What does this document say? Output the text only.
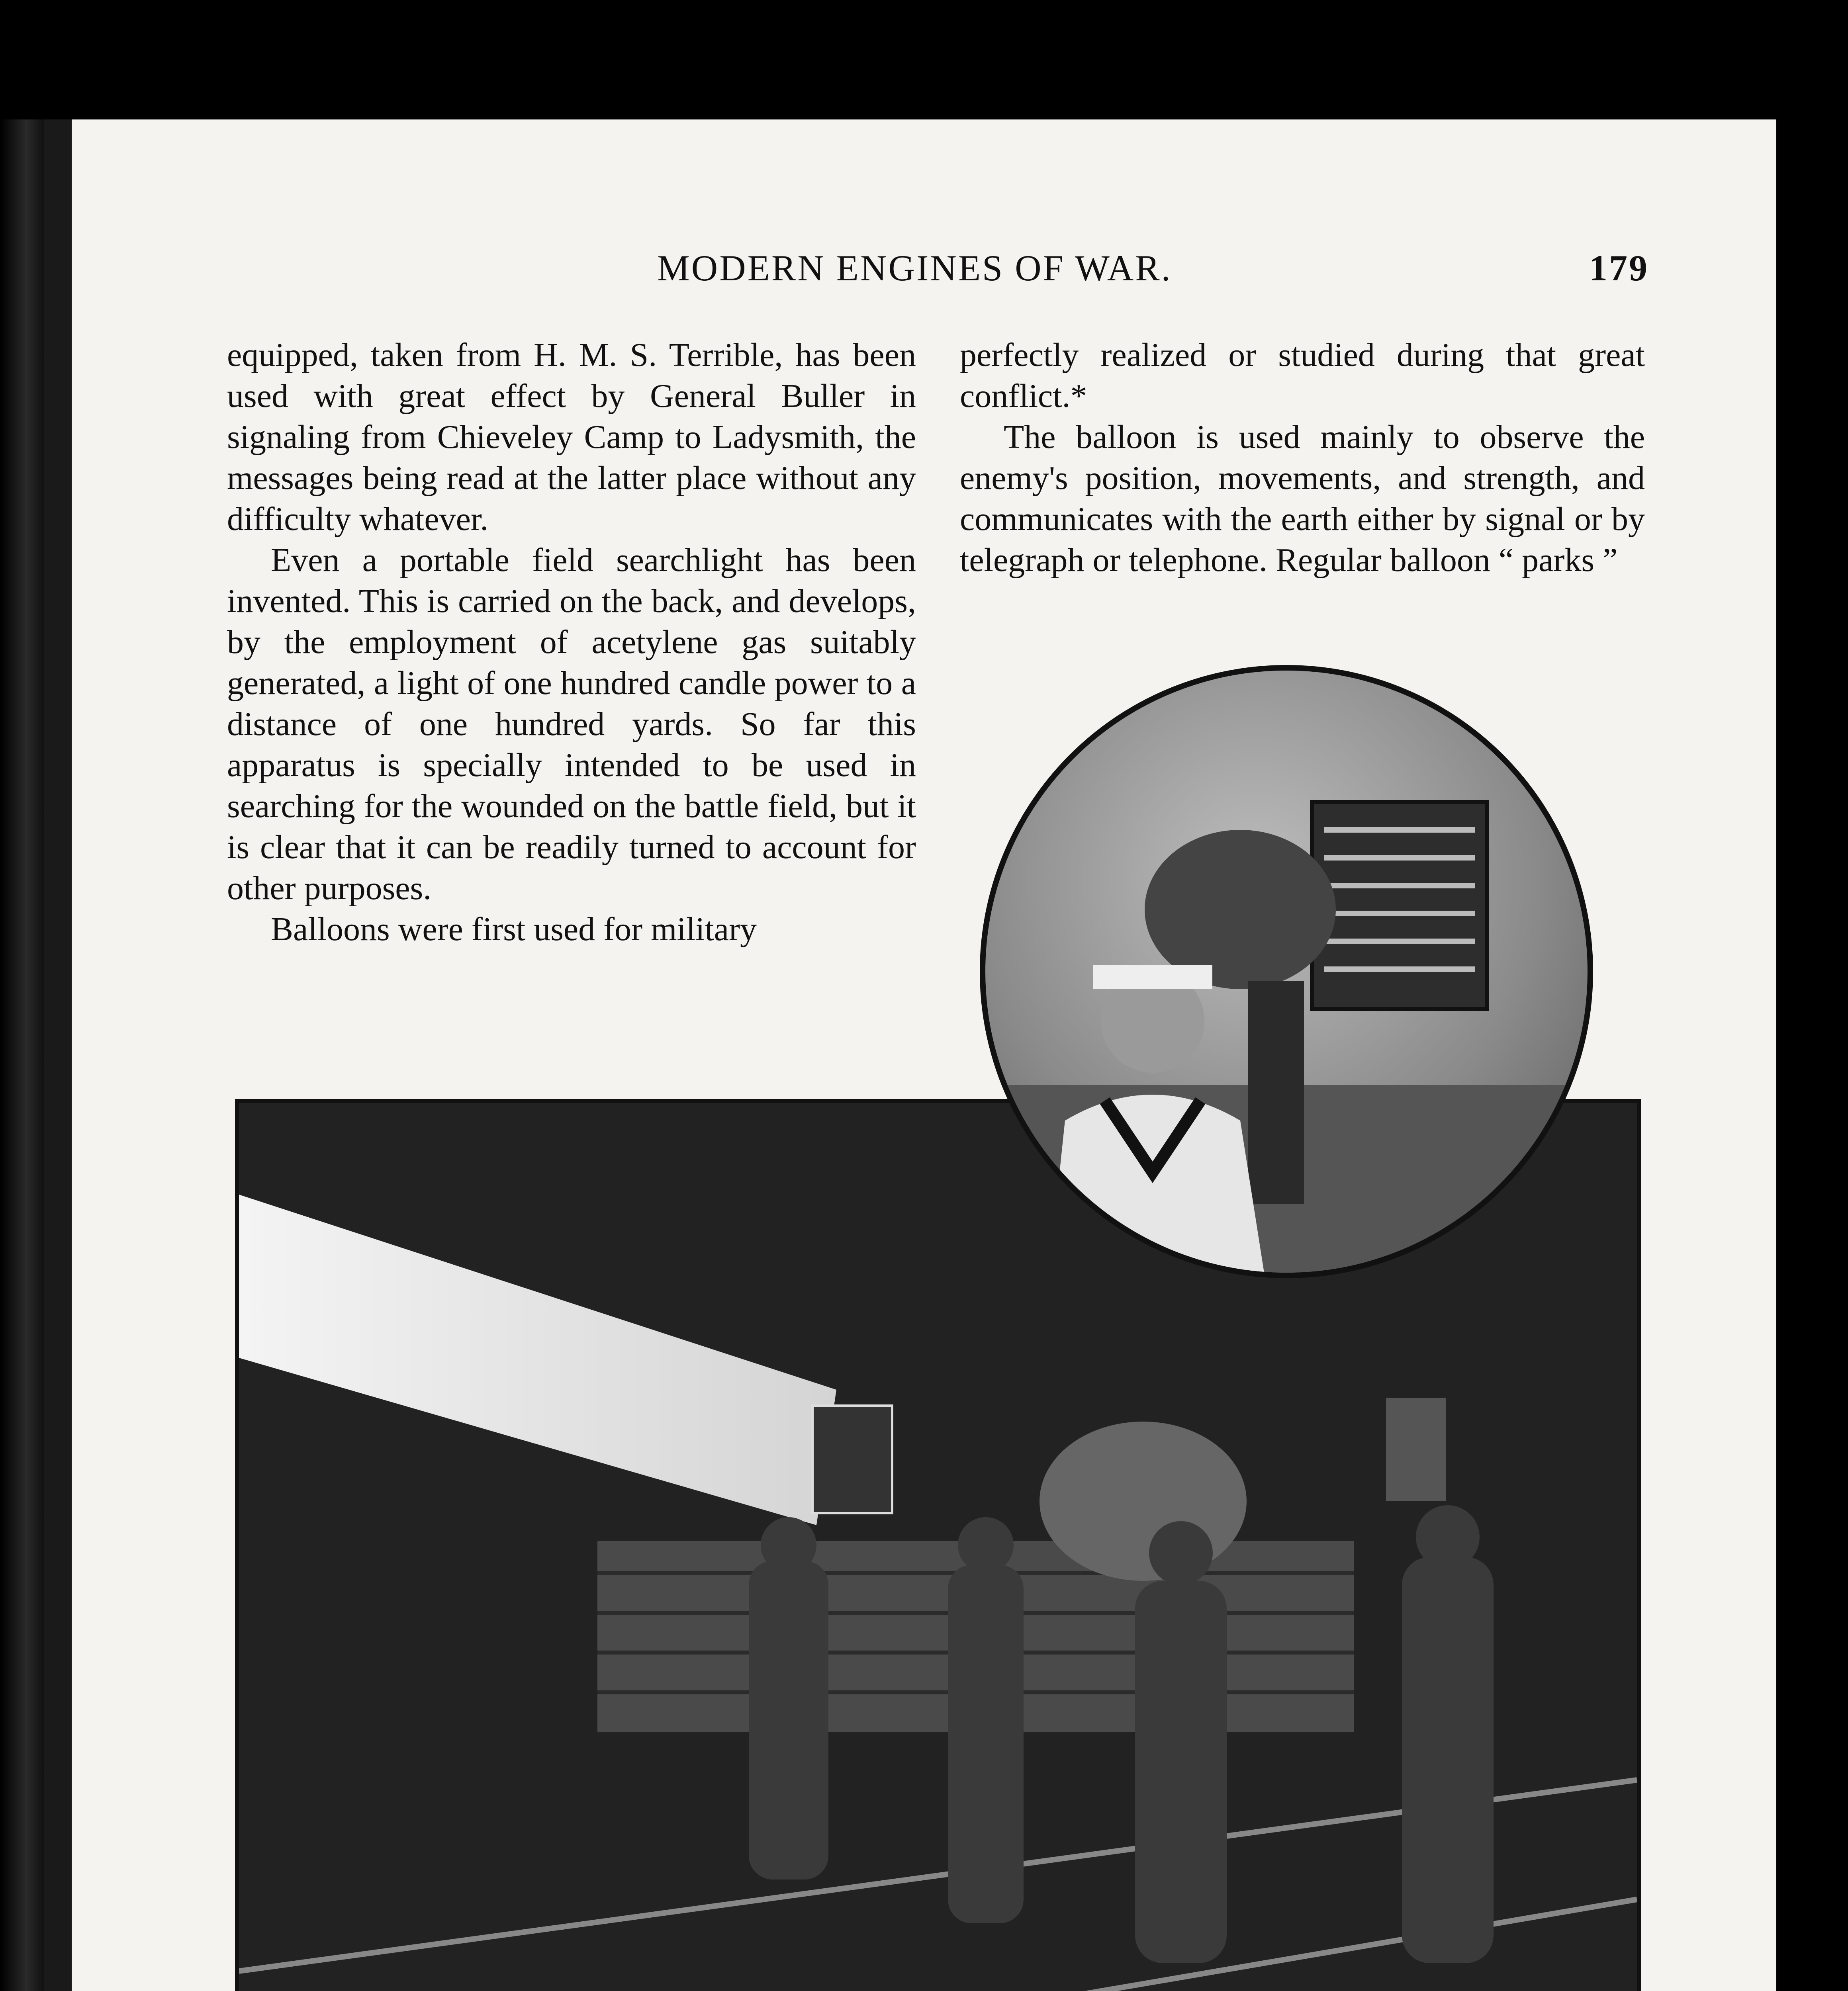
MODERN ENGINES OF WAR.	179

equipped, taken from H. M. S. Terrible, has been used with great effect by General Buller in signaling from Chieveley Camp to Ladysmith, the messages being read at the latter place without any difficulty whatever.

Even a portable field searchlight has been invented. This is carried on the back, and develops, by the employment of acetylene gas suitably generated, a light of one hundred candle power to a distance of one hundred yards. So far this apparatus is specially intended to be used in searching for the wounded on the battle field, but it is clear that it can be readily turned to account for other purposes.

Balloons were first used for military

perfectly realized or studied during that great conflict.*

The balloon is used mainly to observe the enemy's position, movements, and strength, and communicates with the earth either by signal or by telegraph or telephone. Regular balloon “ parks ”
